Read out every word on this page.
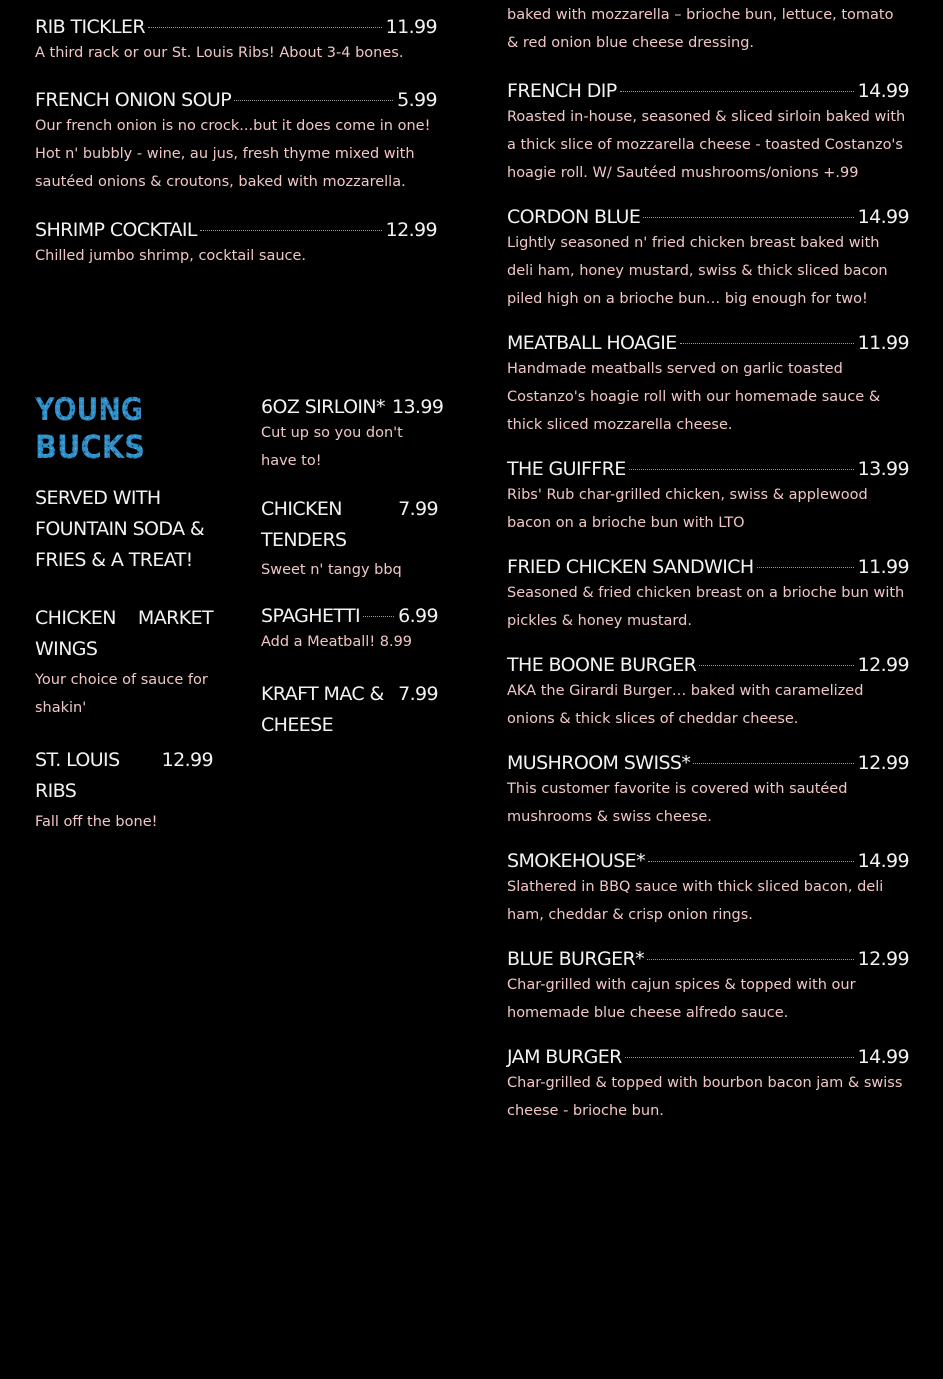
RIB TICKLER	11.99
A third rack or our St. Louis Ribs! About 3-4 bones.
FRENCH ONION SOUP	5.99
Our french onion is no crock...but it does come in one! Hot n' bubbly - wine, au jus, fresh thyme mixed with sautéed onions & croutons, baked with mozzarella.
SHRIMP COCKTAIL	12.99
Chilled jumbo shrimp, cocktail sauce.
YOUNG
BUCKS
SERVED WITH FOUNTAIN SODA & FRIES & A TREAT!
CHICKEN WINGS
MARKET
Your choice of sauce for shakin'
ST. LOUIS RIBS
12.99
Fall off the bone!
6OZ SIRLOIN* 13.99
Cut up so you don't have to!
CHICKEN TENDERS
7.99
Sweet n' tangy bbq
SPAGHETTI 6.99
Add a Meatball! 8.99
KRAFT MAC & CHEESE
7.99
baked with mozzarella – brioche bun, lettuce, tomato & red onion blue cheese dressing.
FRENCH DIP	14.99
Roasted in-house, seasoned & sliced sirloin baked with a thick slice of mozzarella cheese - toasted Costanzo's hoagie roll. W/ Sautéed mushrooms/onions +.99
CORDON BLUE	14.99
Lightly seasoned n' fried chicken breast baked with deli ham, honey mustard, swiss & thick sliced bacon piled high on a brioche bun… big enough for two!
MEATBALL HOAGIE	11.99
Handmade meatballs served on garlic toasted Costanzo's hoagie roll with our homemade sauce & thick sliced mozzarella cheese.
THE GUIFFRE	13.99
Ribs' Rub char-grilled chicken, swiss & applewood bacon on a brioche bun with LTO
FRIED CHICKEN SANDWICH	11.99
Seasoned & fried chicken breast on a brioche bun with pickles & honey mustard.
THE BOONE BURGER	12.99
AKA the Girardi Burger… baked with caramelized onions & thick slices of cheddar cheese.
MUSHROOM SWISS*	12.99
This customer favorite is covered with sautéed mushrooms & swiss cheese.
SMOKEHOUSE*	14.99
Slathered in BBQ sauce with thick sliced bacon, deli ham, cheddar & crisp onion rings.
BLUE BURGER*	12.99
Char-grilled with cajun spices & topped with our homemade blue cheese alfredo sauce.
JAM BURGER	14.99
Char-grilled & topped with bourbon bacon jam & swiss cheese - brioche bun.
